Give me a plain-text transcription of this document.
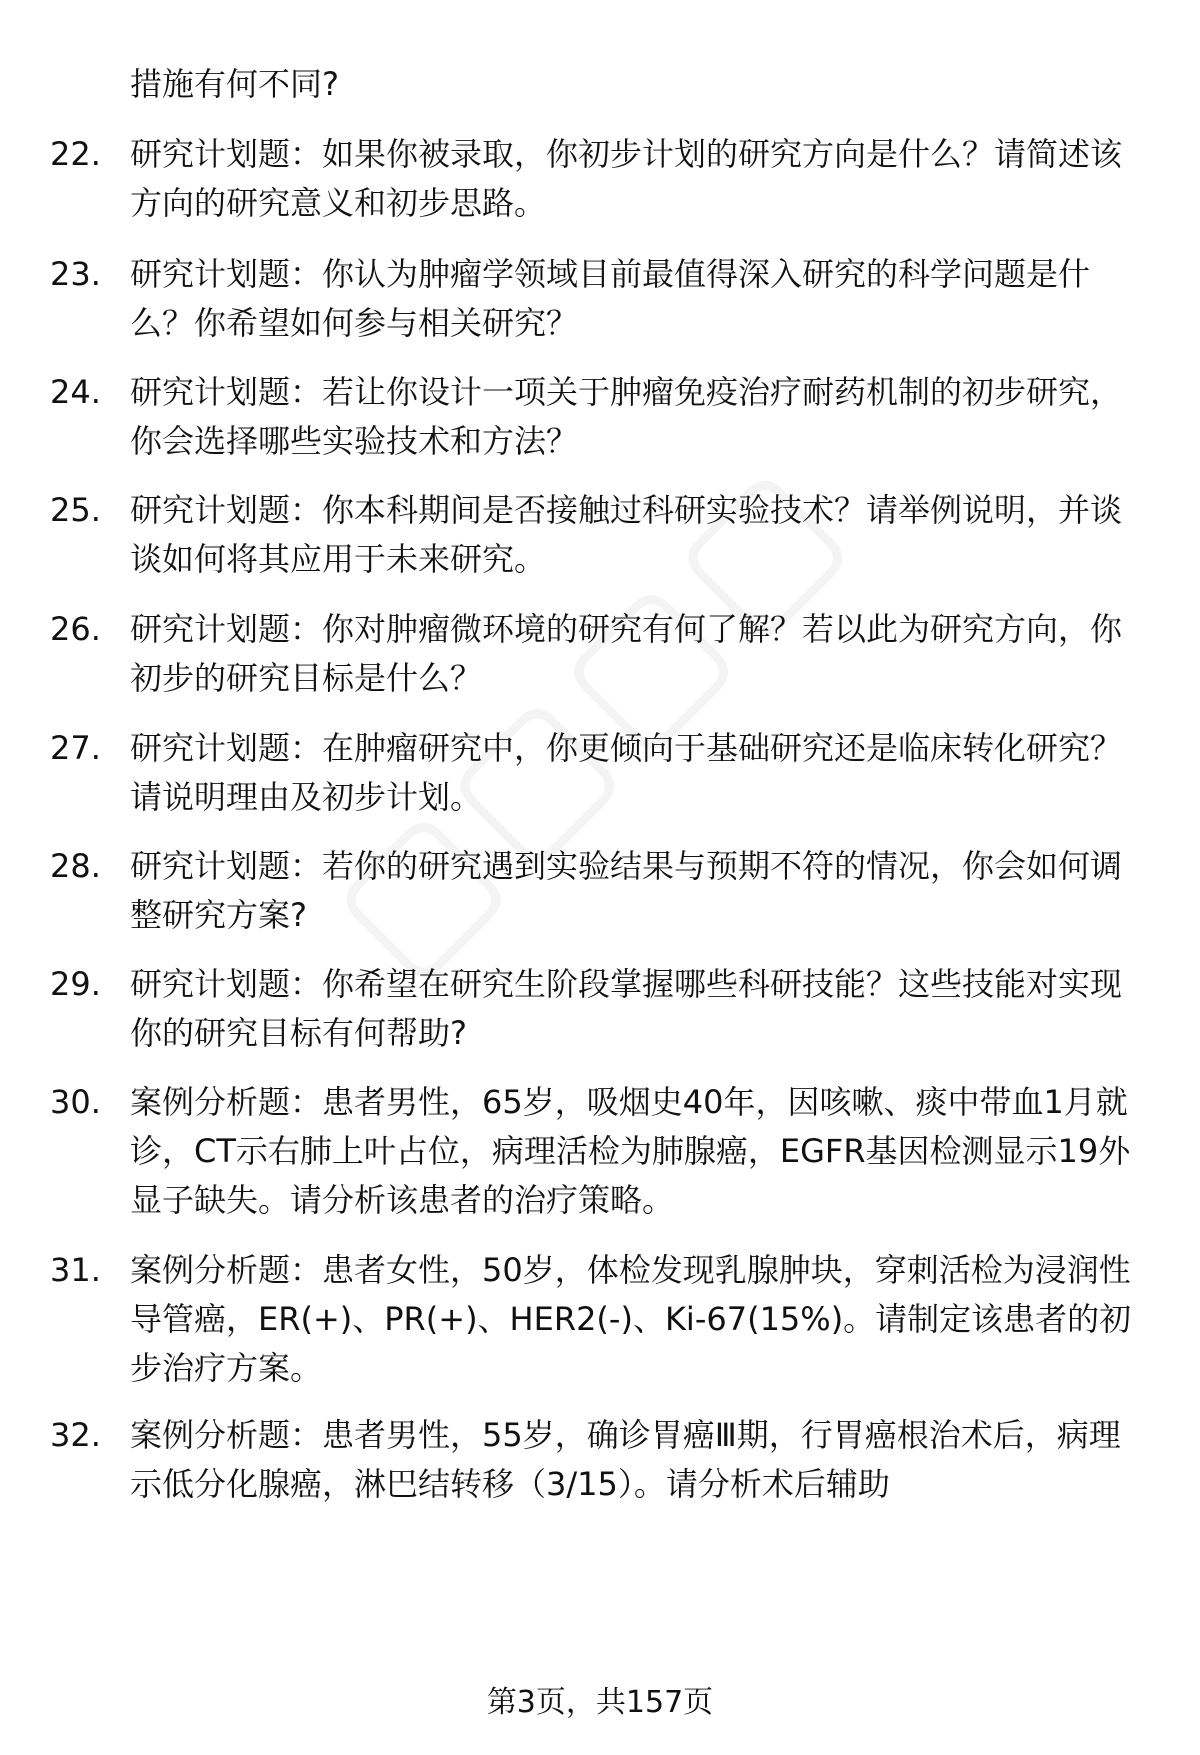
措施有何不同?
22. 研究计划题：如果你被录取，你初步计划的研究方向是什么？请简述该方向的研究意义和初步思路。
23. 研究计划题：你认为肿瘤学领域目前最值得深入研究的科学问题是什么？你希望如何参与相关研究？
24. 研究计划题：若让你设计一项关于肿瘤免疫治疗耐药机制的初步研究，你会选择哪些实验技术和方法？
25. 研究计划题：你本科期间是否接触过科研实验技术？请举例说明，并谈谈如何将其应用于未来研究。
26. 研究计划题：你对肿瘤微环境的研究有何了解？若以此为研究方向，你初步的研究目标是什么？
27. 研究计划题：在肿瘤研究中，你更倾向于基础研究还是临床转化研究？请说明理由及初步计划。
28. 研究计划题：若你的研究遇到实验结果与预期不符的情况，你会如何调整研究方案?
29. 研究计划题：你希望在研究生阶段掌握哪些科研技能？这些技能对实现你的研究目标有何帮助?
30. 案例分析题：患者男性，65岁，吸烟史40年，因咳嗽、痰中带血1月就诊，CT示右肺上叶占位，病理活检为肺腺癌，EGFR基因检测显示19外显子缺失。请分析该患者的治疗策略。
31. 案例分析题：患者女性，50岁，体检发现乳腺肿块，穿刺活检为浸润性导管癌，ER(+)、PR(+)、HER2(-)、Ki-67(15%)。请制定该患者的初步治疗方案。
32. 案例分析题：患者男性，55岁，确诊胃癌Ⅲ期，行胃癌根治术后，病理示低分化腺癌，淋巴结转移（3/15）。请分析术后辅助
第3页，共157页
